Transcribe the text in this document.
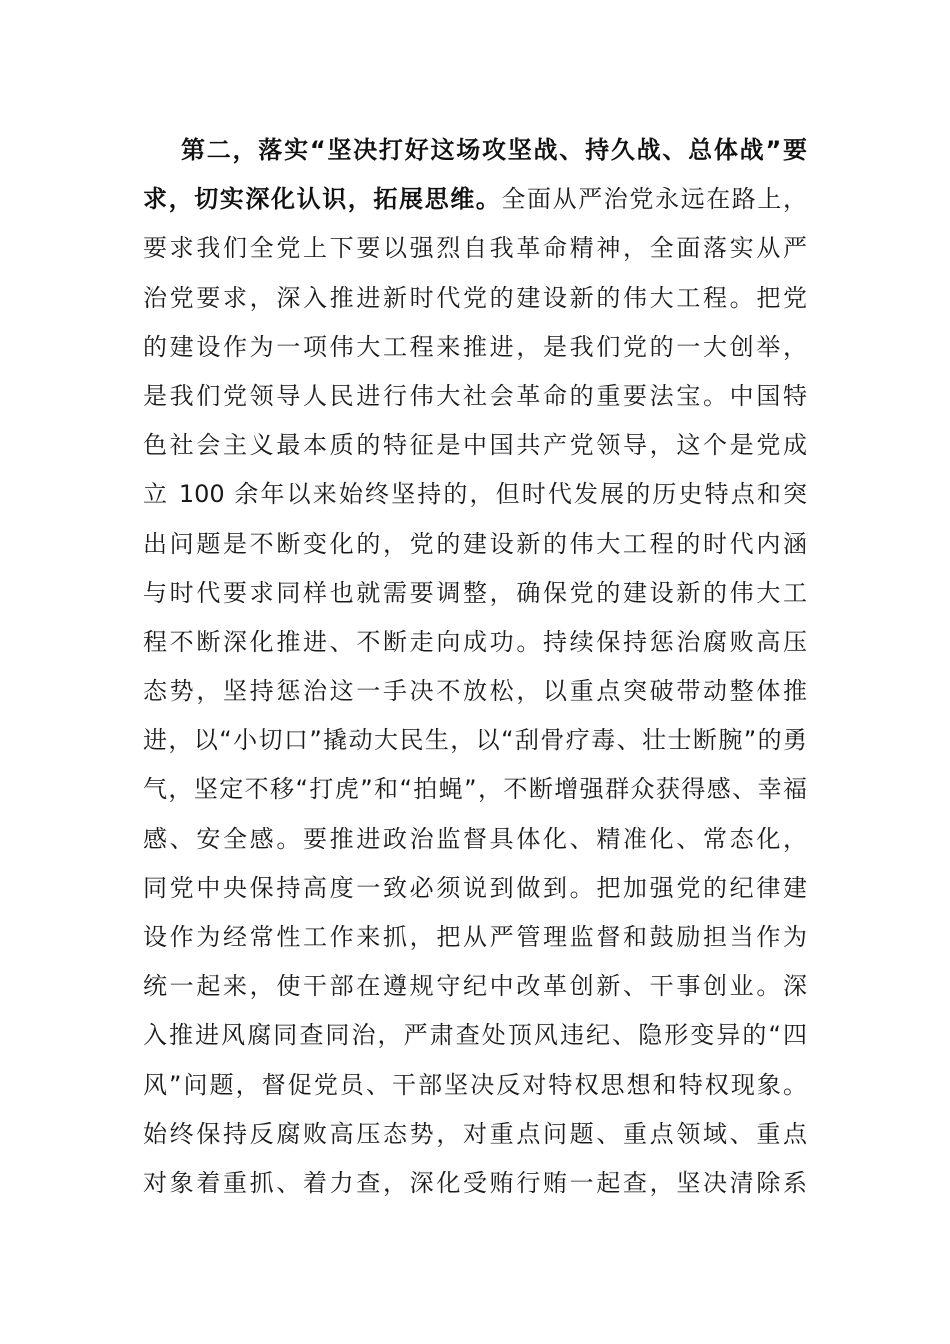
第二，落实“坚决打好这场攻坚战、持久战、总体战”要
求，切实深化认识，拓展思维。全面从严治党永远在路上，
要求我们全党上下要以强烈自我革命精神，全面落实从严
治党要求，深入推进新时代党的建设新的伟大工程。把党
的建设作为一项伟大工程来推进，是我们党的一大创举，
是我们党领导人民进行伟大社会革命的重要法宝。中国特
色社会主义最本质的特征是中国共产党领导，这个是党成
立 100 余年以来始终坚持的，但时代发展的历史特点和突
出问题是不断变化的，党的建设新的伟大工程的时代内涵
与时代要求同样也就需要调整，确保党的建设新的伟大工
程不断深化推进、不断走向成功。持续保持惩治腐败高压
态势，坚持惩治这一手决不放松，以重点突破带动整体推
进，以“小切口”撬动大民生，以“刮骨疗毒、壮士断腕”的勇
气，坚定不移“打虎”和“拍蝇”，不断增强群众获得感、幸福
感、安全感。要推进政治监督具体化、精准化、常态化，
同党中央保持高度一致必须说到做到。把加强党的纪律建
设作为经常性工作来抓，把从严管理监督和鼓励担当作为
统一起来，使干部在遵规守纪中改革创新、干事创业。深
入推进风腐同查同治，严肃查处顶风违纪、隐形变异的“四
风”问题，督促党员、干部坚决反对特权思想和特权现象。
始终保持反腐败高压态势，对重点问题、重点领域、重点
对象着重抓、着力查，深化受贿行贿一起查，坚决清除系
